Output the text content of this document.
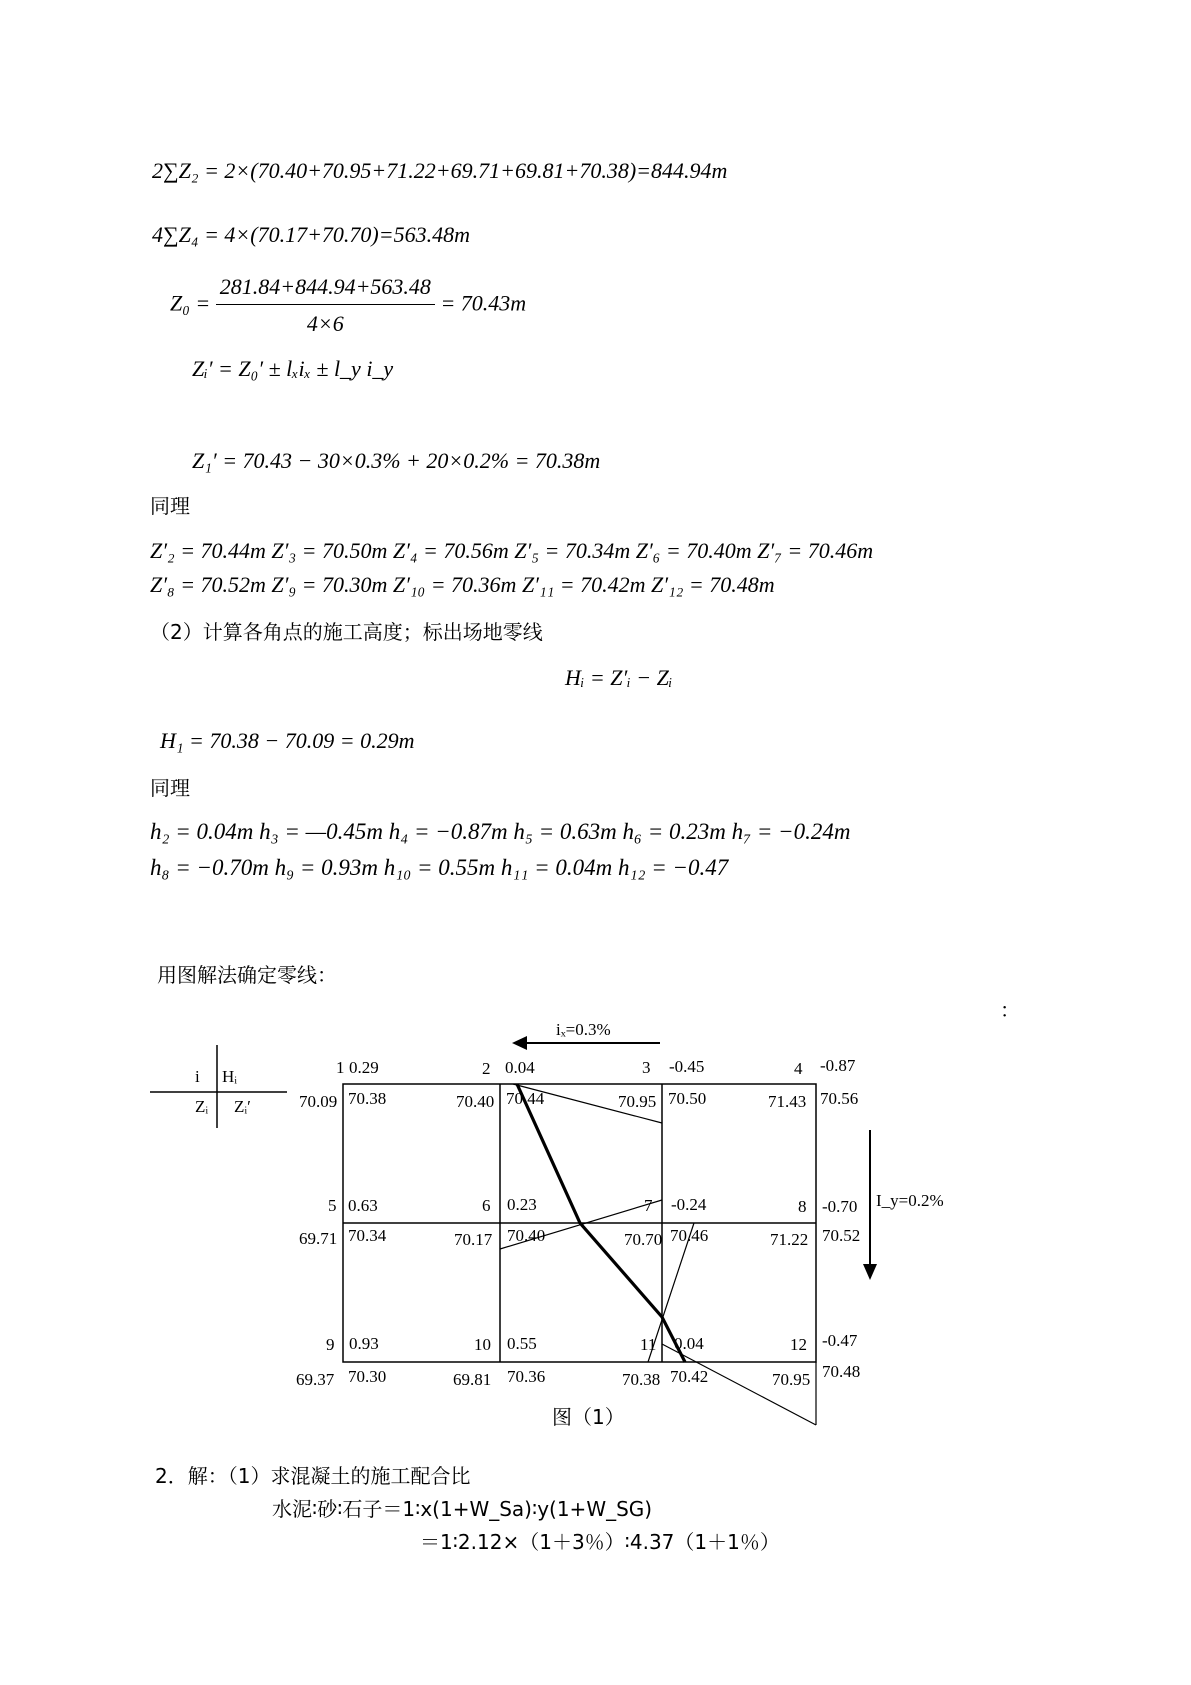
2∑Z₂ = 2×(70.40+70.95+71.22+69.71+69.81+70.38)=844.94m
4∑Z₄ = 4×(70.17+70.70)=563.48m
$Z_0 = \frac{281.84+844.94+563.48}{4\times 6} = 70.43m$
Zᵢ′ = Z₀′ ± lₓiₓ ± l_y i_y
Z₁′ = 70.43 − 30×0.3% + 20×0.2% = 70.38m
同理
Z′₂ = 70.44m Z′₃ = 70.50m Z′₄ = 70.56m Z′₅ = 70.34m Z′₆ = 70.40m Z′₇ = 70.46m
Z′₈ = 70.52m Z′₉ = 70.30m Z′₁₀ = 70.36m Z′₁₁ = 70.42m Z′₁₂ = 70.48m
（2）计算各角点的施工高度；标出场地零线
Hᵢ = Z′ᵢ − Zᵢ
H₁ = 70.38 − 70.09 = 0.29m
同理
h₂ = 0.04m h₃ = —0.45m h₄ = −0.87m h₅ = 0.63m h₆ = 0.23m h₇ = −0.24m
h₈ = −0.70m h₉ = 0.93m h₁₀ = 0.55m h₁₁ = 0.04m h₁₂ = −0.47
用图解法确定零线：
：
i Hᵢ
Zᵢ Zᵢ′
iₓ=0.3%
I_y=0.2%
1 0.29
70.09 70.38
2 0.04
70.40 70.44
3 -0.45
70.95 70.50
4 -0.87
71.43 70.56
5 0.63
69.71 70.34
6 0.23
70.17 70.40
7 -0.24
70.70 70.46
8 -0.70
71.22 70.52
9 0.93
69.37 70.30
10 0.55
69.81 70.36
11 0.04
70.38 70.42
12 -0.47
70.95 70.48
图（1）
2．解：（1）求混凝土的施工配合比
水泥∶砂∶石子＝1∶x(1+W_Sa)∶y(1+W_SG)
＝1∶2.12×（1＋3％）∶4.37（1＋1％）
